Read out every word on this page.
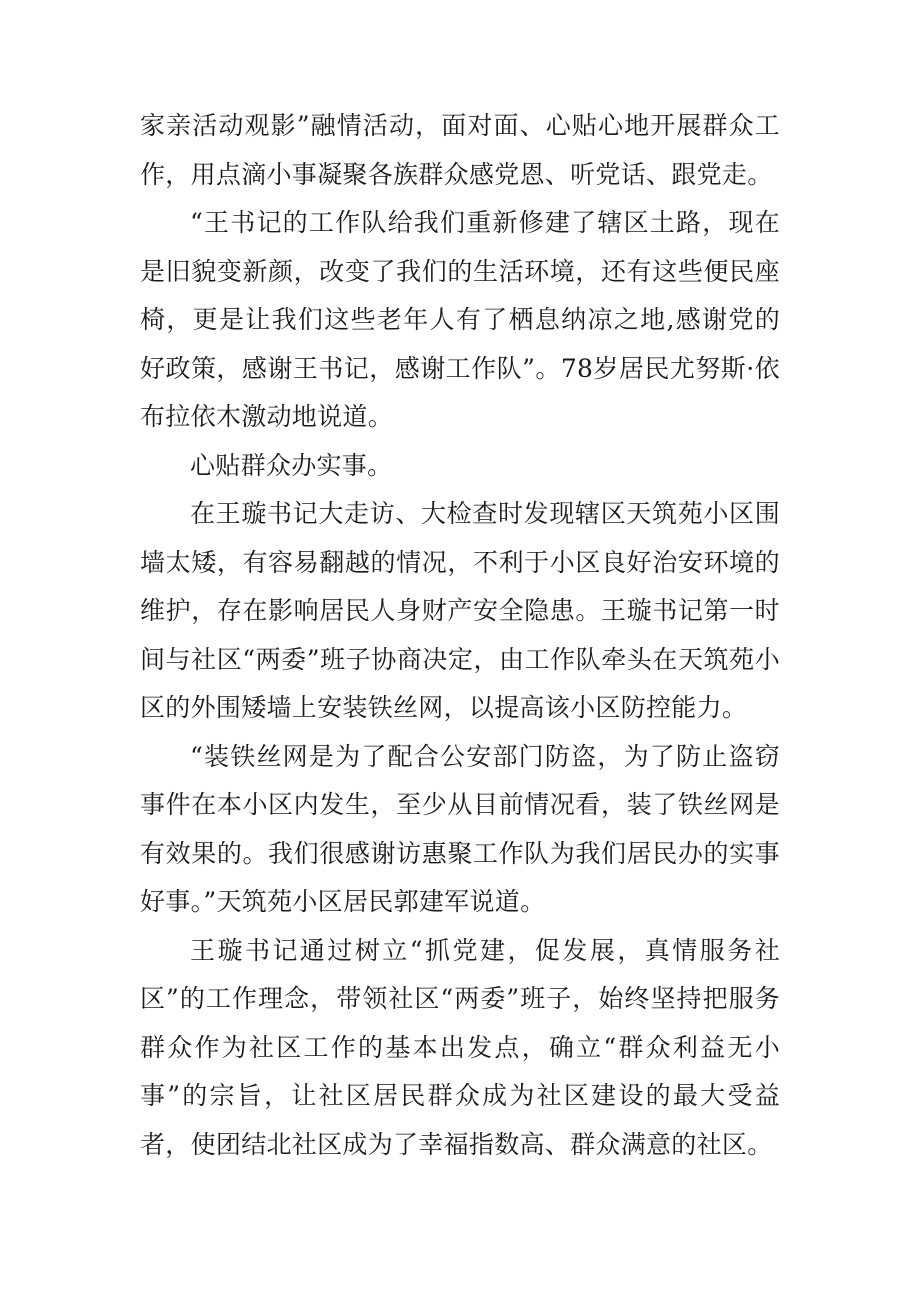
家亲活动观影”融情活动，面对面、心贴心地开展群众工作，用点滴小事凝聚各族群众感党恩、听党话、跟党走。

“王书记的工作队给我们重新修建了辖区土路，现在是旧貌变新颜，改变了我们的生活环境，还有这些便民座椅，更是让我们这些老年人有了栖息纳凉之地,感谢党的好政策，感谢王书记，感谢工作队”。78岁居民尤努斯·依布拉依木激动地说道。

心贴群众办实事。

在王璇书记大走访、大检查时发现辖区天筑苑小区围墙太矮，有容易翻越的情况，不利于小区良好治安环境的维护，存在影响居民人身财产安全隐患。王璇书记第一时间与社区“两委”班子协商决定，由工作队牵头在天筑苑小区的外围矮墙上安装铁丝网，以提高该小区防控能力。

“装铁丝网是为了配合公安部门防盗，为了防止盗窃事件在本小区内发生，至少从目前情况看，装了铁丝网是有效果的。我们很感谢访惠聚工作队为我们居民办的实事好事。”天筑苑小区居民郭建军说道。

王璇书记通过树立“抓党建，促发展，真情服务社区”的工作理念，带领社区“两委”班子，始终坚持把服务群众作为社区工作的基本出发点，确立“群众利益无小事”的宗旨，让社区居民群众成为社区建设的最大受益者，使团结北社区成为了幸福指数高、群众满意的社区。
